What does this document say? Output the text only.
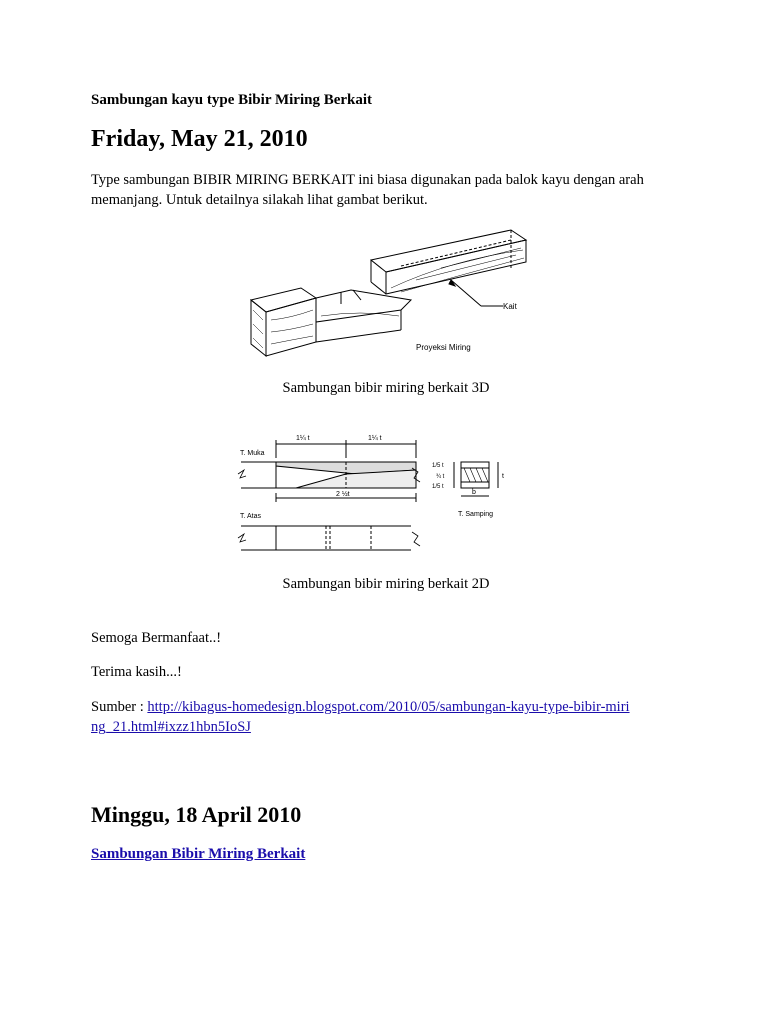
Sambungan kayu type Bibir Miring Berkait
Friday, May 21, 2010
Type sambungan BIBIR MIRING BERKAIT ini biasa digunakan pada balok kayu dengan arah memanjang. Untuk detailnya silakah lihat gambat berikut.
Kait
Proyeksi Miring
Sambungan bibir miring berkait 3D
1¼ t	1¼ t
T. Muka
2 ½t
T. Atas
1/5 t
¾ t
1/5 t
t
b
T. Samping
Sambungan bibir miring berkait 2D
Semoga Bermanfaat..!
Terima kasih...!
Sumber : http://kibagus-homedesign.blogspot.com/2010/05/sambungan-kayu-type-bibir-miring_21.html#ixzz1hbn5IoSJ
Minggu, 18 April 2010
Sambungan Bibir Miring Berkait
